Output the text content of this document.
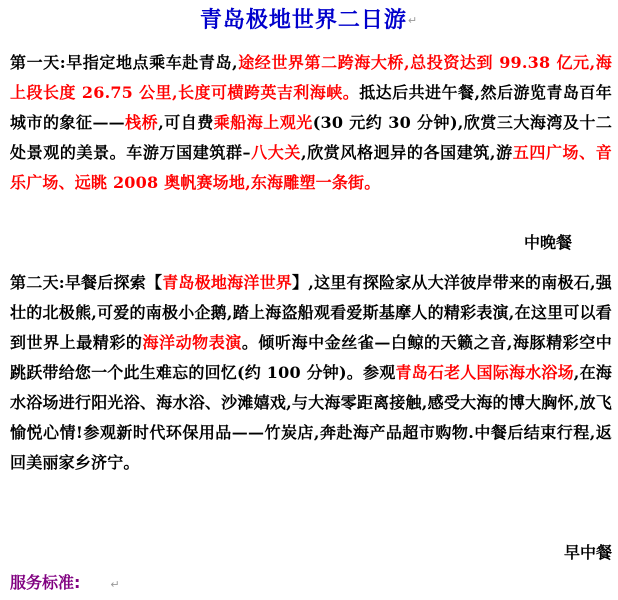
青岛极地世界二日游↵
第一天:早指定地点乘车赴青岛,途经世界第二跨海大桥,总投资达到 99.38 亿元,海上段长度 26.75 公里,长度可横跨英吉利海峡。抵达后共进午餐,然后游览青岛百年城市的象征——栈桥,可自费乘船海上观光(30 元约 30 分钟),欣赏三大海湾及十二处景观的美景。车游万国建筑群–八大关,欣赏风格迥异的各国建筑,游五四广场、音乐广场、远眺 2008 奥帆赛场地,东海雕塑一条街。
中晚餐
第二天:早餐后探索【青岛极地海洋世界】,这里有探险家从大洋彼岸带来的南极石,强壮的北极熊,可爱的南极小企鹅,踏上海盗船观看爱斯基摩人的精彩表演,在这里可以看到世界上最精彩的海洋动物表演。倾听海中金丝雀—白鲸的天籁之音,海豚精彩空中跳跃带给您一个此生难忘的回忆(约 100 分钟)。参观青岛石老人国际海水浴场,在海水浴场进行阳光浴、海水浴、沙滩嬉戏,与大海零距离接触,感受大海的博大胸怀,放飞愉悦心情!参观新时代环保用品——竹炭店,奔赴海产品超市购物.中餐后结束行程,返回美丽家乡济宁。
早中餐
服务标准:	↵
